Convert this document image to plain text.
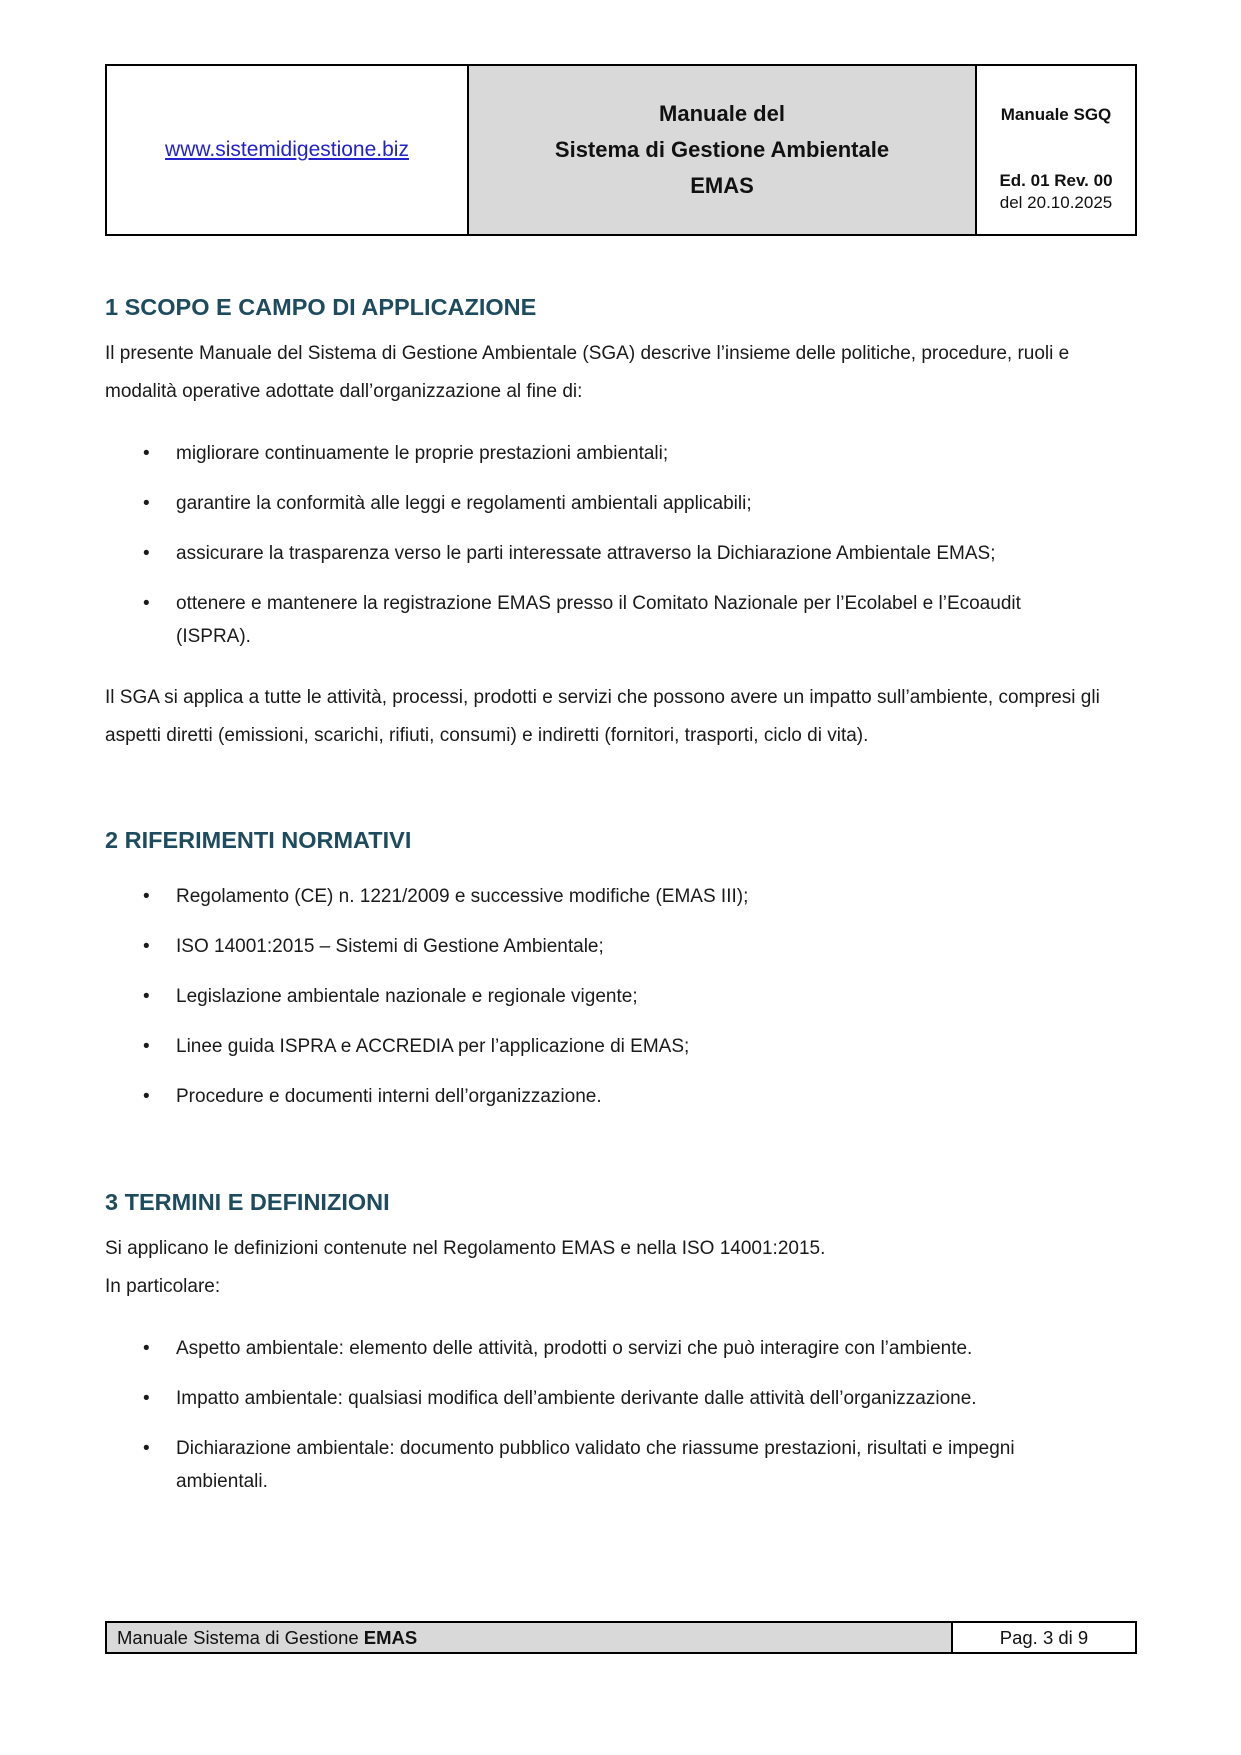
www.sistemidigestione.biz
Manuale del
Sistema di Gestione Ambientale
EMAS
Manuale SGQ
Ed. 01 Rev. 00
del 20.10.2025
1 SCOPO E CAMPO DI APPLICAZIONE

Il presente Manuale del Sistema di Gestione Ambientale (SGA) descrive l’insieme delle politiche, procedure, ruoli e modalità operative adottate dall’organizzazione al fine di:

• migliorare continuamente le proprie prestazioni ambientali;
• garantire la conformità alle leggi e regolamenti ambientali applicabili;
• assicurare la trasparenza verso le parti interessate attraverso la Dichiarazione Ambientale EMAS;
• ottenere e mantenere la registrazione EMAS presso il Comitato Nazionale per l’Ecolabel e l’Ecoaudit (ISPRA).

Il SGA si applica a tutte le attività, processi, prodotti e servizi che possono avere un impatto sull’ambiente, compresi gli aspetti diretti (emissioni, scarichi, rifiuti, consumi) e indiretti (fornitori, trasporti, ciclo di vita).

2 RIFERIMENTI NORMATIVI
• Regolamento (CE) n. 1221/2009 e successive modifiche (EMAS III);
• ISO 14001:2015 – Sistemi di Gestione Ambientale;
• Legislazione ambientale nazionale e regionale vigente;
• Linee guida ISPRA e ACCREDIA per l’applicazione di EMAS;
• Procedure e documenti interni dell’organizzazione.
3 TERMINI E DEFINIZIONI

Si applicano le definizioni contenute nel Regolamento EMAS e nella ISO 14001:2015.

In particolare:

• Aspetto ambientale: elemento delle attività, prodotti o servizi che può interagire con l’ambiente.
• Impatto ambientale: qualsiasi modifica dell’ambiente derivante dalle attività dell’organizzazione.
• Dichiarazione ambientale: documento pubblico validato che riassume prestazioni, risultati e impegni ambientali.
Manuale Sistema di Gestione EMAS	Pag. 3 di 9
